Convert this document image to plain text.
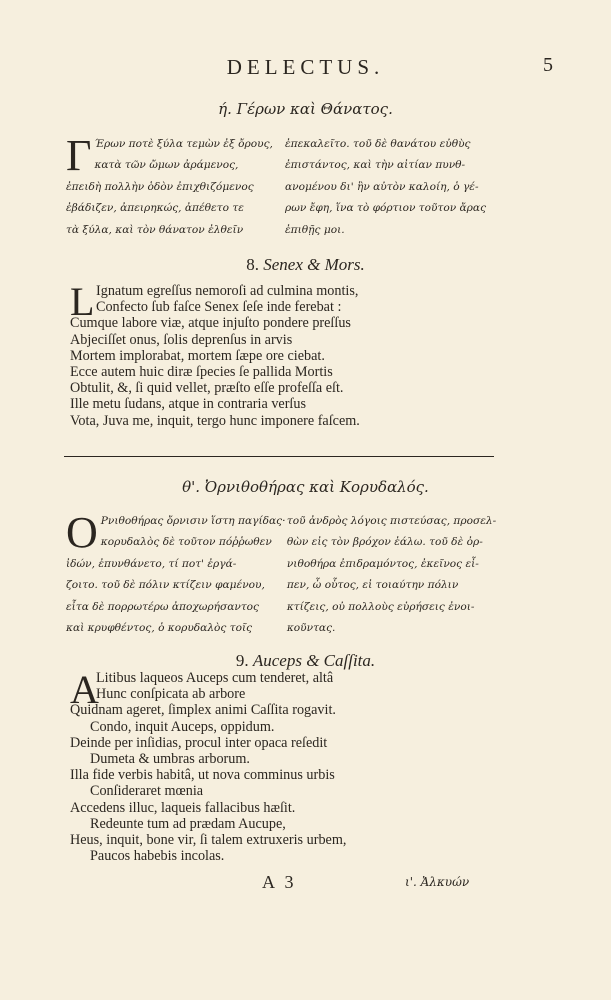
DELECTUS.	5
ή. Γέρων καὶ Θάνατος.
Γ Έρων ποτὲ ξύλα τεμὼν ἐξ ὄρους,
κατὰ τῶν ὤμων ἀράμενος,
ἐπειδὴ πολλὴν ὁδὸν ἐπιχθιζόμενος
ἐβάδιζεν, ἀπειρηκώς, ἀπέθετο τε
τὰ ξύλα, καὶ τὸν θάνατον ἐλθεῖν
ἐπεκαλεῖτο. τοῦ δὲ θανάτου εὐθὺς
ἐπιστάντος, καὶ τὴν αἰτίαν πυνθ-
ανομένου δι' ἣν αὐτὸν καλοίη, ὁ γέ-
ρων ἔφη, ἵνα τὸ φόρτιον τοῦτον ἄρας
ἐπιθῇς μοι.
8. Senex & Mors.
L Ignatum egreſſus nemoroſi ad culmina montis,
Confecto ſub faſce Senex ſeſe inde ferebat :
Cumque labore viæ, atque injuſto pondere preſſus
Abjeciſſet onus, ſolis deprenſus in arvis
Mortem implorabat, mortem ſæpe ore ciebat.
Ecce autem huic diræ ſpecies ſe pallida Mortis
Obtulit, &, ſi quid vellet, præſto eſſe profeſſa eſt.
Ille metu ſudans, atque in contraria verſus
Vota, Juva me, inquit, tergo hunc imponere faſcem.
θ'. Ὀρνιθοθήρας καὶ Κορυδαλός.
O Ρνιθοθήρας ὄρνισιν ἵστη παγίδας·
κορυδαλὸς δὲ τοῦτον πόῤῥωθεν
ἰδών, ἐπυνθάνετο, τί ποτ' ἐργά-
ζοιτο. τοῦ δὲ πόλιν κτίζειν φαμένου,
εἶτα δὲ πορρωτέρω ἀποχωρήσαντος
καὶ κρυφθέντος, ὁ κορυδαλὸς τοῖς
τοῦ ἀνδρὸς λόγοις πιστεύσας, προσελ-
θὼν εἰς τὸν βρόχον ἑάλω. τοῦ δὲ ὀρ-
νιθοθήρα ἐπιδραμόντος, ἐκεῖνος εἶ-
πεν, ὦ οὗτος, εἰ τοιαύτην πόλιν
κτίζεις, οὐ πολλοὺς εὑρήσεις ἐνοι-
κοῦντας.
9. Auceps & Caſſita.
A
Litibus laqueos Auceps cum tenderet, altâ
Hunc conſpicata ab arbore
Quidnam ageret, ſimplex animi Caſſita rogavit.
Condo, inquit Auceps, oppidum.
Deinde per inſidias, procul inter opaca reſedit
Dumeta & umbras arborum.
Illa fide verbis habitâ, ut nova comminus urbis
Conſideraret mœnia
Accedens illuc, laqueis fallacibus hæſit.
Redeunte tum ad prædam Aucupe,
Heus, inquit, bone vir, ſi talem extruxeris urbem,
Paucos habebis incolas.
A 3	ι'. Ἀλκυών
